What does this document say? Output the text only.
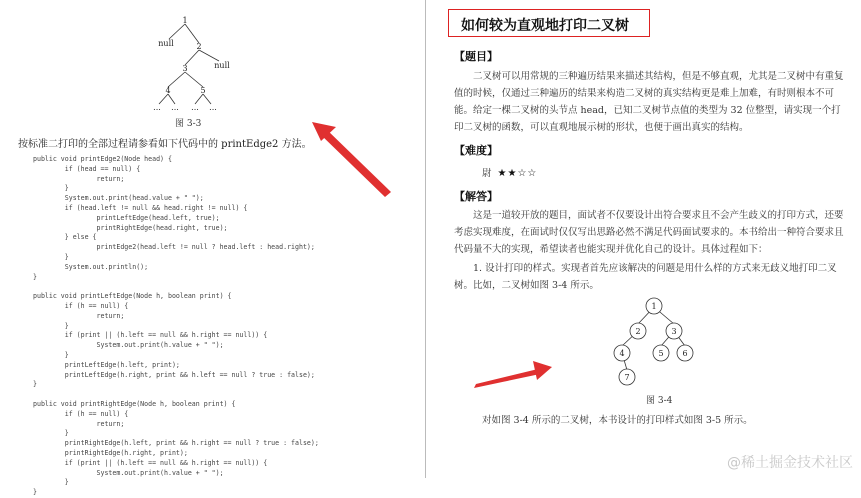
1
null	2
null
3
4	5
... ... ... ...
图 3-3
按标准二打印的全部过程请参看如下代码中的 printEdge2 方法。
public void printEdge2(Node head) {
if (head == null) {
return;
}
System.out.print(head.value + " ");
if (head.left != null && head.right != null) {
printLeftEdge(head.left, true);
printRightEdge(head.right, true);
} else {
printEdge2(head.left != null ? head.left : head.right);
}
System.out.println();
}

public void printLeftEdge(Node h, boolean print) {
if (h == null) {
return;
}
if (print || (h.left == null && h.right == null)) {
System.out.print(h.value + " ");
}
printLeftEdge(h.left, print);
printLeftEdge(h.right, print && h.left == null ? true : false);
}

public void printRightEdge(Node h, boolean print) {
if (h == null) {
return;
}
printRightEdge(h.left, print && h.right == null ? true : false);
printRightEdge(h.right, print);
if (print || (h.left == null && h.right == null)) {
System.out.print(h.value + " ");
}
}
如何较为直观地打印二叉树
【题目】

二叉树可以用常规的三种遍历结果来描述其结构，但是不够直观，尤其是二叉树中有重复值的时候，仅通过三种遍历的结果来构造二叉树的真实结构更是难上加难，有时则根本不可能。给定一棵二叉树的头节点 head，已知二叉树节点值的类型为 32 位整型，请实现一个打印二叉树的函数，可以直观地展示树的形状，也便于画出真实的结构。

【难度】
尉 ★★☆☆
【解答】

这是一道较开放的题目，面试者不仅要设计出符合要求且不会产生歧义的打印方式，还要考虑实现难度，在面试时仅仅写出思路必然不满足代码面试要求的。本书给出一种符合要求且代码量不大的实现，希望读者也能实现并优化自己的设计。具体过程如下：

1. 设计打印的样式。实现者首先应该解决的问题是用什么样的方式来无歧义地打印二叉树。比如，二叉树如图 3-4 所示。

1
2	3
4	5 6
7
图 3-4
对如图 3-4 所示的二叉树，本书设计的打印样式如图 3-5 所示。
@稀土掘金技术社区
